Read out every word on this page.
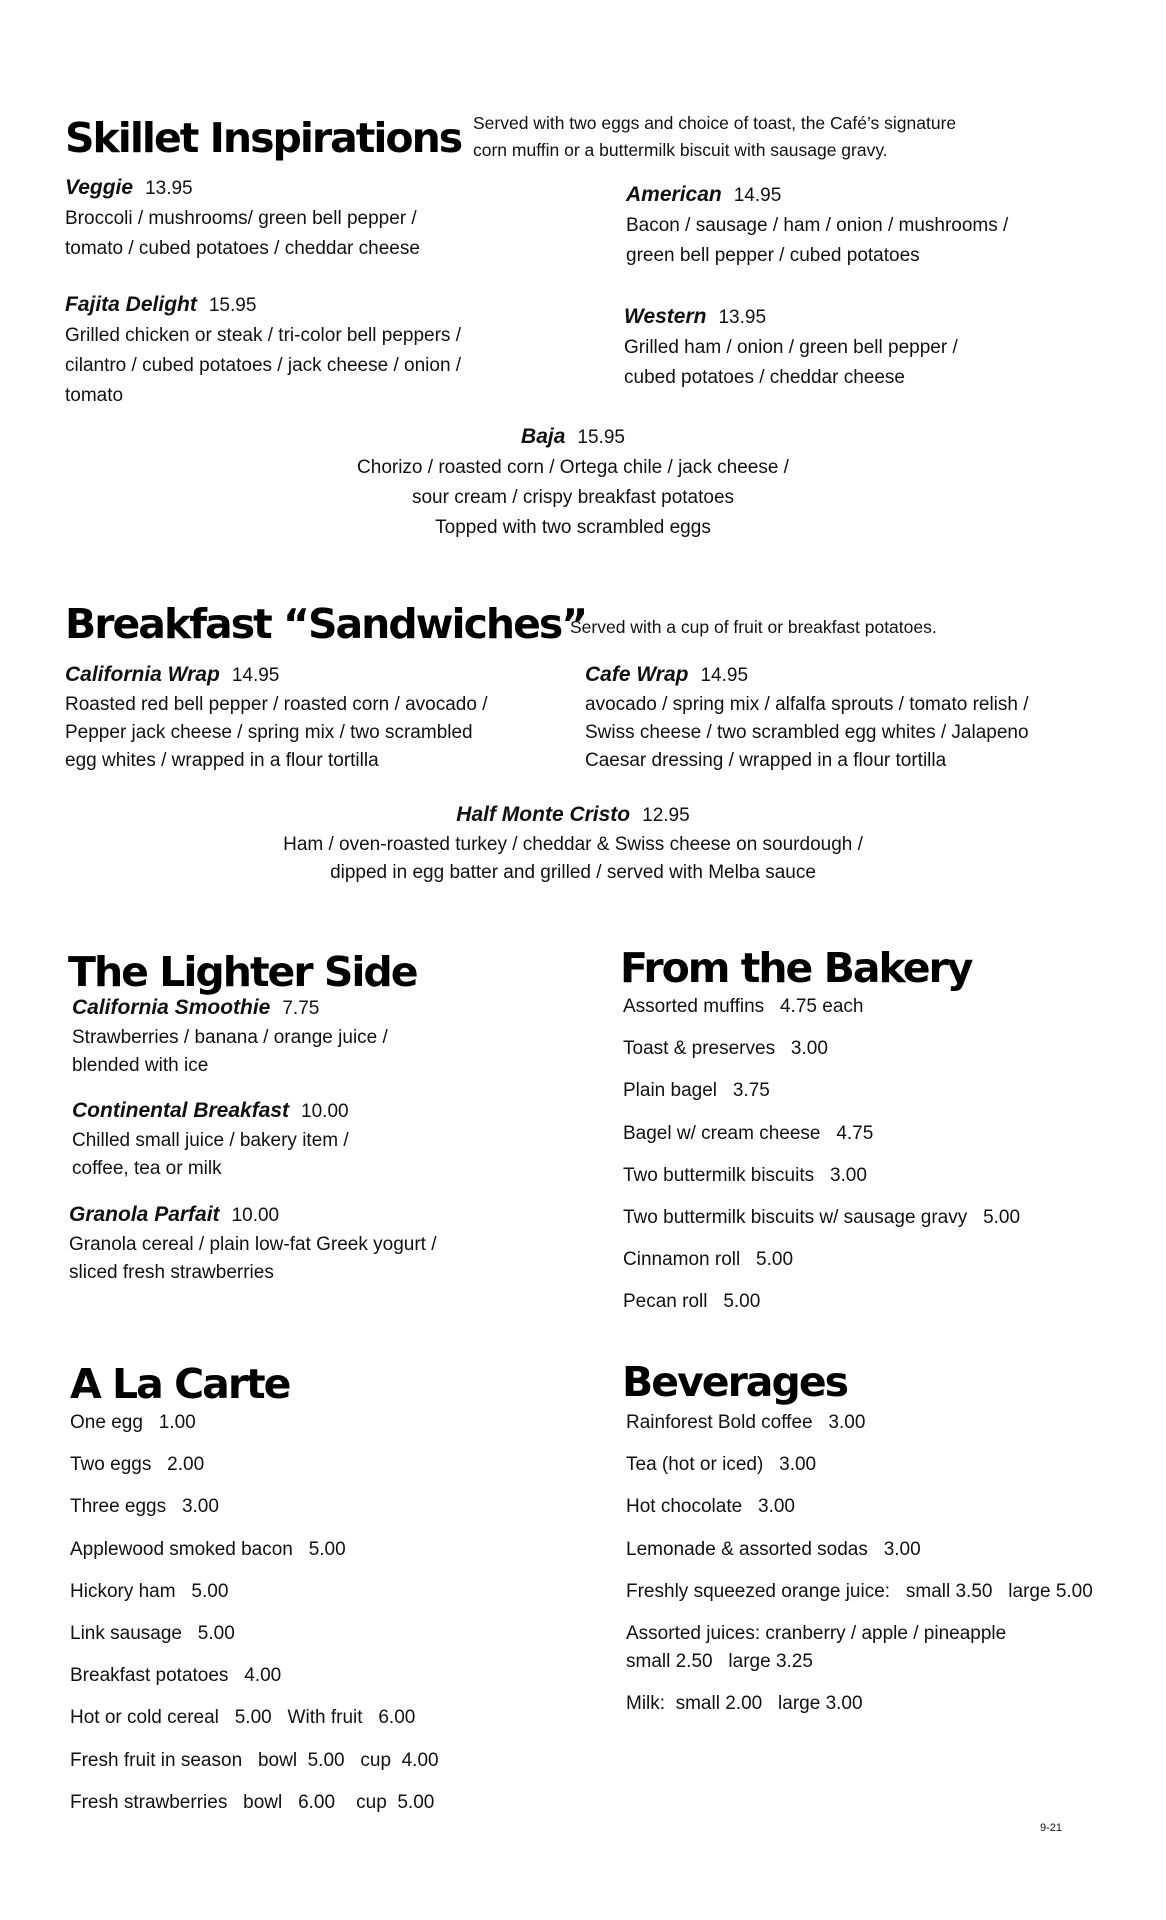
Skillet Inspirations Served with two eggs and choice of toast, the Café’s signature
corn muffin or a buttermilk biscuit with sausage gravy.
Breakfast “Sandwiches”
Served with a cup of fruit or breakfast potatoes.
The Lighter Side	From the Bakery
A La Carte	Beverages
9-21
Veggie 13.95
Broccoli / mushrooms/ green bell pepper /
tomato / cubed potatoes / cheddar cheese
American 14.95
Bacon / sausage / ham / onion / mushrooms /
green bell pepper / cubed potatoes
Fajita Delight 15.95
Grilled chicken or steak / tri-color bell peppers /
cilantro / cubed potatoes / jack cheese / onion /
tomato
Western 13.95
Grilled ham / onion / green bell pepper /
cubed potatoes / cheddar cheese
Baja 15.95
Chorizo / roasted corn / Ortega chile / jack cheese /
sour cream / crispy breakfast potatoes
Topped with two scrambled eggs
California Wrap 14.95
Roasted red bell pepper / roasted corn / avocado /
Pepper jack cheese / spring mix / two scrambled
egg whites / wrapped in a flour tortilla
Cafe Wrap 14.95
avocado / spring mix / alfalfa sprouts / tomato relish /
Swiss cheese / two scrambled egg whites / Jalapeno
Caesar dressing / wrapped in a flour tortilla
Half Monte Cristo 12.95
Ham / oven-roasted turkey / cheddar & Swiss cheese on sourdough /
dipped in egg batter and grilled / served with Melba sauce
California Smoothie 7.75
Strawberries / banana / orange juice /
blended with ice
Continental Breakfast 10.00
Chilled small juice / bakery item /
coffee, tea or milk
Granola Parfait 10.00
Granola cereal / plain low-fat Greek yogurt /
sliced fresh strawberries
Assorted muffins   4.75 each
Toast & preserves   3.00
Plain bagel   3.75
Bagel w/ cream cheese   4.75
Two buttermilk biscuits   3.00
Two buttermilk biscuits w/ sausage gravy   5.00
Cinnamon roll   5.00
Pecan roll   5.00
One egg   1.00
Two eggs   2.00
Three eggs   3.00
Applewood smoked bacon   5.00
Hickory ham   5.00
Link sausage   5.00
Breakfast potatoes   4.00
Hot or cold cereal   5.00   With fruit   6.00
Fresh fruit in season   bowl  5.00   cup  4.00
Fresh strawberries   bowl   6.00    cup  5.00
Rainforest Bold coffee   3.00
Tea (hot or iced)   3.00
Hot chocolate   3.00
Lemonade & assorted sodas   3.00
Freshly squeezed orange juice:   small 3.50   large 5.00
Assorted juices: cranberry / apple / pineapple
small 2.50   large 3.25
Milk:  small 2.00   large 3.00
